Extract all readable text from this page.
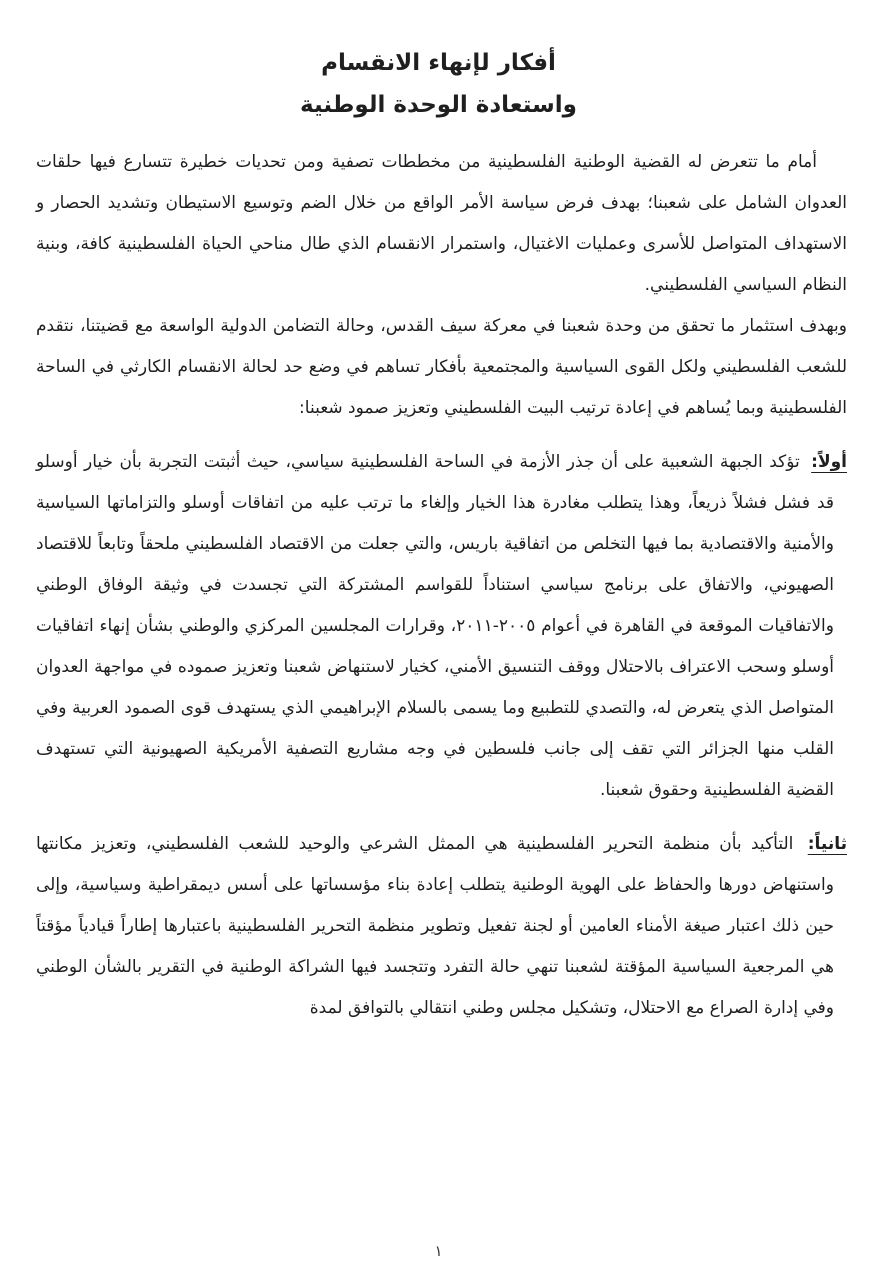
أفكار لإنهاء الانقسام
واستعادة الوحدة الوطنية

أمام ما تتعرض له القضية الوطنية الفلسطينية من مخططات تصفية ومن تحديات خطيرة تتسارع فيها حلقات العدوان الشامل على شعبنا؛ بهدف فرض سياسة الأمر الواقع من خلال الضم وتوسيع الاستيطان وتشديد الحصار و الاستهداف المتواصل للأسرى وعمليات الاغتيال، واستمرار الانقسام الذي طال مناحي الحياة الفلسطينية كافة، وبنية النظام السياسي الفلسطيني.

وبهدف استثمار ما تحقق من وحدة شعبنا في معركة سيف القدس، وحالة التضامن الدولية الواسعة مع قضيتنا، نتقدم للشعب الفلسطيني ولكل القوى السياسية والمجتمعية بأفكار تساهم في وضع حد لحالة الانقسام الكارثي في الساحة الفلسطينية وبما يُساهم في إعادة ترتيب البيت الفلسطيني وتعزيز صمود شعبنا:

أولاً: تؤكد الجبهة الشعبية على أن جذر الأزمة في الساحة الفلسطينية سياسي، حيث أثبتت التجربة بأن خيار أوسلو قد فشل فشلاً ذريعاً، وهذا يتطلب مغادرة هذا الخيار وإلغاء ما ترتب عليه من اتفاقات أوسلو والتزاماتها السياسية والأمنية والاقتصادية بما فيها التخلص من اتفاقية باريس، والتي جعلت من الاقتصاد الفلسطيني ملحقاً وتابعاً للاقتصاد الصهيوني، والاتفاق على برنامج سياسي استناداً للقواسم المشتركة التي تجسدت في وثيقة الوفاق الوطني والاتفاقيات الموقعة في القاهرة في أعوام ٢٠٠٥-٢٠١١، وقرارات المجلسين المركزي والوطني بشأن إنهاء اتفاقيات أوسلو وسحب الاعتراف بالاحتلال ووقف التنسيق الأمني، كخيار لاستنهاض شعبنا وتعزيز صموده في مواجهة العدوان المتواصل الذي يتعرض له، والتصدي للتطبيع وما يسمى بالسلام الإبراهيمي الذي يستهدف قوى الصمود العربية وفي القلب منها الجزائر التي تقف إلى جانب فلسطين في وجه مشاريع التصفية الأمريكية الصهيونية التي تستهدف القضية الفلسطينية وحقوق شعبنا.

ثانياً: التأكيد بأن منظمة التحرير الفلسطينية هي الممثل الشرعي والوحيد للشعب الفلسطيني، وتعزيز مكانتها واستنهاض دورها والحفاظ على الهوية الوطنية يتطلب إعادة بناء مؤسساتها على أسس ديمقراطية وسياسية، وإلى حين ذلك اعتبار صيغة الأمناء العامين أو لجنة تفعيل وتطوير منظمة التحرير الفلسطينية باعتبارها إطاراً قيادياً مؤقتاً هي المرجعية السياسية المؤقتة لشعبنا تنهي حالة التفرد وتتجسد فيها الشراكة الوطنية في التقرير بالشأن الوطني وفي إدارة الصراع مع الاحتلال، وتشكيل مجلس وطني انتقالي بالتوافق لمدة

١
